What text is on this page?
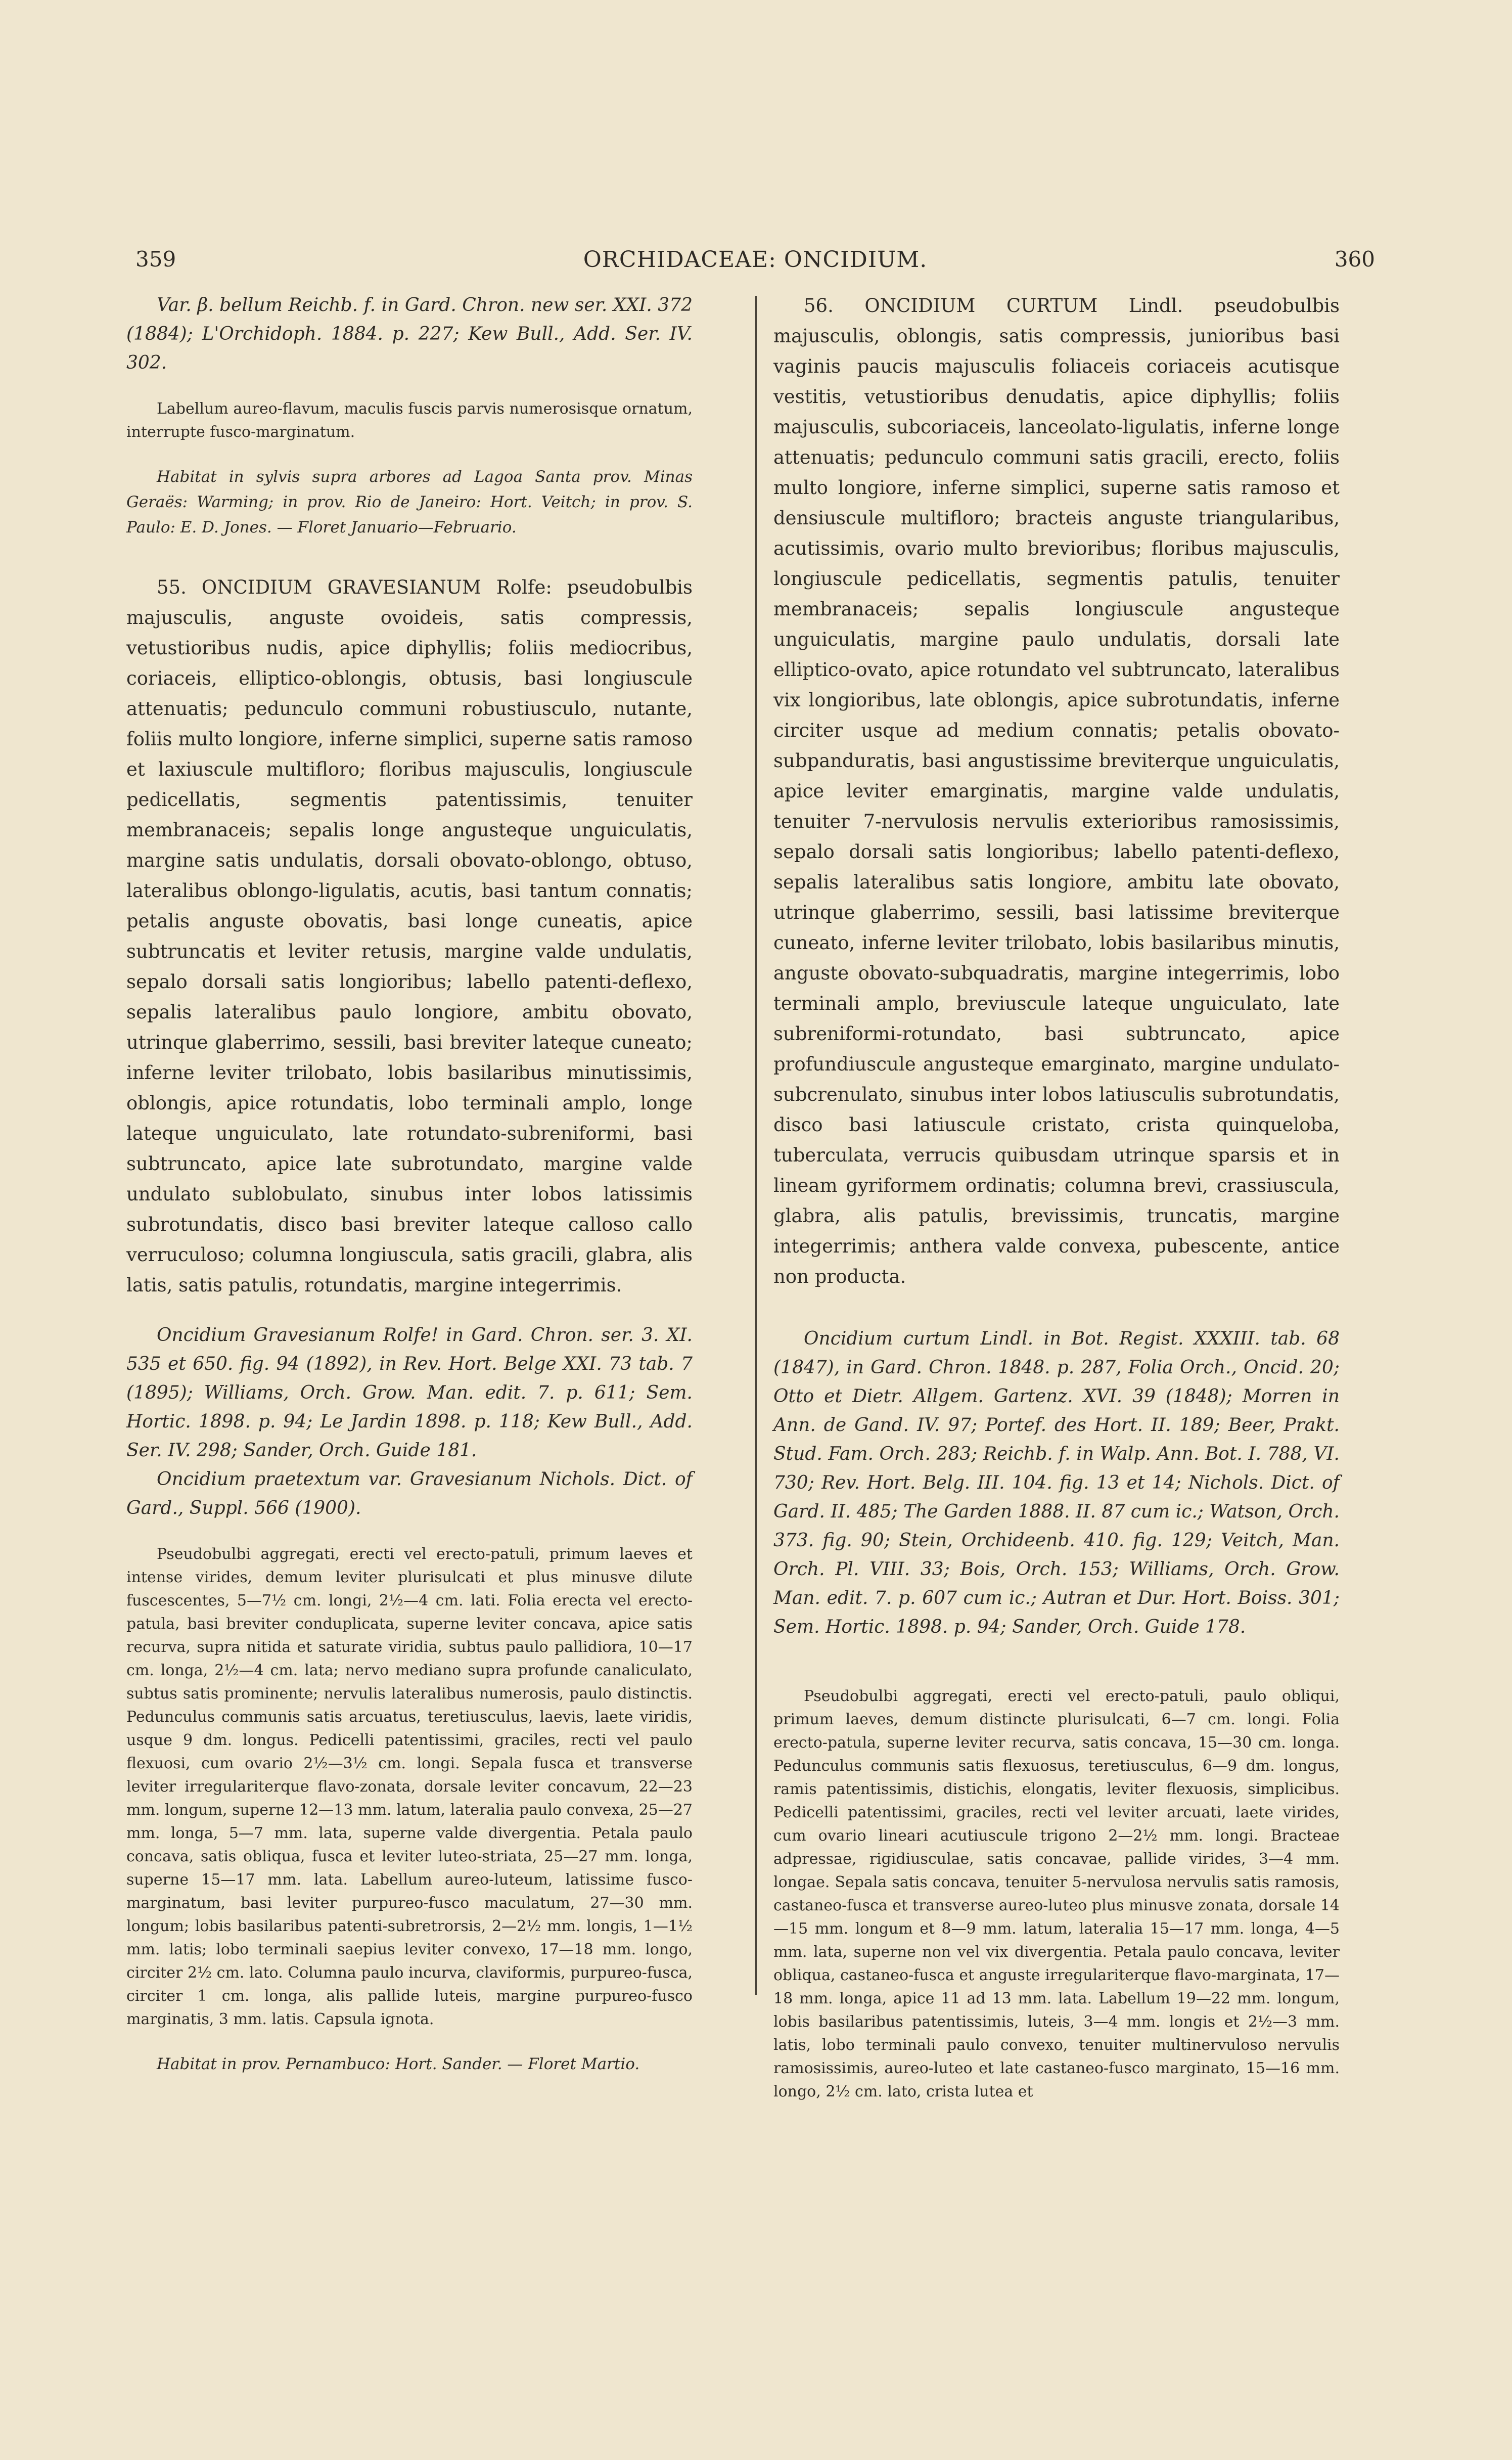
359	ORCHIDACEAE: ONCIDIUM.	360

Var. β. bellum Reichb. f. in Gard. Chron. new ser. XXI. 372 (1884); L'Orchidoph. 1884. p. 227; Kew Bull., Add. Ser. IV. 302.

Labellum aureo-flavum, maculis fuscis parvis numerosisque ornatum, interrupte fusco-marginatum.

Habitat in sylvis supra arbores ad Lagoa Santa prov. Minas Geraës: Warming; in prov. Rio de Janeiro: Hort. Veitch; in prov. S. Paulo: E. D. Jones. — Floret Januario—Februario.

55. ONCIDIUM GRAVESIANUM Rolfe: pseudobulbis majusculis, anguste ovoideis, satis compressis, vetustioribus nudis, apice diphyllis; foliis mediocribus, coriaceis, elliptico-oblongis, obtusis, basi longiuscule attenuatis; pedunculo communi robustiusculo, nutante, foliis multo longiore, inferne simplici, superne satis ramoso et laxiuscule multifloro; floribus majusculis, longiuscule pedicellatis, segmentis patentissimis, tenuiter membranaceis; sepalis longe angusteque unguiculatis, margine satis undulatis, dorsali obovato-oblongo, obtuso, lateralibus oblongo-ligulatis, acutis, basi tantum connatis; petalis anguste obovatis, basi longe cuneatis, apice subtruncatis et leviter retusis, margine valde undulatis, sepalo dorsali satis longioribus; labello patenti-deflexo, sepalis lateralibus paulo longiore, ambitu obovato, utrinque glaberrimo, sessili, basi breviter lateque cuneato; inferne leviter trilobato, lobis basilaribus minutissimis, oblongis, apice rotundatis, lobo terminali amplo, longe lateque unguiculato, late rotundato-subreniformi, basi subtruncato, apice late subrotundato, margine valde undulato sublobulato, sinubus inter lobos latissimis subrotundatis, disco basi breviter lateque calloso callo verruculoso; columna longiuscula, satis gracili, glabra, alis latis, satis patulis, rotundatis, margine integerrimis.

Oncidium Gravesianum Rolfe! in Gard. Chron. ser. 3. XI. 535 et 650. fig. 94 (1892), in Rev. Hort. Belge XXI. 73 tab. 7 (1895); Williams, Orch. Grow. Man. edit. 7. p. 611; Sem. Hortic. 1898. p. 94; Le Jardin 1898. p. 118; Kew Bull., Add. Ser. IV. 298; Sander, Orch. Guide 181.

Oncidium praetextum var. Gravesianum Nichols. Dict. of Gard., Suppl. 566 (1900).

Pseudobulbi aggregati, erecti vel erecto-patuli, primum laeves et intense virides, demum leviter plurisulcati et plus minusve dilute fuscescentes, 5—7½ cm. longi, 2½—4 cm. lati. Folia erecta vel erecto-patula, basi breviter conduplicata, superne leviter concava, apice satis recurva, supra nitida et saturate viridia, subtus paulo pallidiora, 10—17 cm. longa, 2½—4 cm. lata; nervo mediano supra profunde canaliculato, subtus satis prominente; nervulis lateralibus numerosis, paulo distinctis. Pedunculus communis satis arcuatus, teretiusculus, laevis, laete viridis, usque 9 dm. longus. Pedicelli patentissimi, graciles, recti vel paulo flexuosi, cum ovario 2½—3½ cm. longi. Sepala fusca et transverse leviter irregulariterque flavo-zonata, dorsale leviter concavum, 22—23 mm. longum, superne 12—13 mm. latum, lateralia paulo convexa, 25—27 mm. longa, 5—7 mm. lata, superne valde divergentia. Petala paulo concava, satis obliqua, fusca et leviter luteo-striata, 25—27 mm. longa, superne 15—17 mm. lata. Labellum aureo-luteum, latissime fusco-marginatum, basi leviter purpureo-fusco maculatum, 27—30 mm. longum; lobis basilaribus patenti-subretrorsis, 2—2½ mm. longis, 1—1½ mm. latis; lobo terminali saepius leviter convexo, 17—18 mm. longo, circiter 2½ cm. lato. Columna paulo incurva, claviformis, purpureo-fusca, circiter 1 cm. longa, alis pallide luteis, margine purpureo-fusco marginatis, 3 mm. latis. Capsula ignota.

Habitat in prov. Pernambuco: Hort. Sander. — Floret Martio.

56. ONCIDIUM CURTUM Lindl. pseudobulbis majusculis, oblongis, satis compressis, junioribus basi vaginis paucis majusculis foliaceis coriaceis acutisque vestitis, vetustioribus denudatis, apice diphyllis; foliis majusculis, subcoriaceis, lanceolato-ligulatis, inferne longe attenuatis; pedunculo communi satis gracili, erecto, foliis multo longiore, inferne simplici, superne satis ramoso et densiuscule multifloro; bracteis anguste triangularibus, acutissimis, ovario multo brevioribus; floribus majusculis, longiuscule pedicellatis, segmentis patulis, tenuiter membranaceis; sepalis longiuscule angusteque unguiculatis, margine paulo undulatis, dorsali late elliptico-ovato, apice rotundato vel subtruncato, lateralibus vix longioribus, late oblongis, apice subrotundatis, inferne circiter usque ad medium connatis; petalis obovato-subpanduratis, basi angustissime breviterque unguiculatis, apice leviter emarginatis, margine valde undulatis, tenuiter 7-nervulosis nervulis exterioribus ramosissimis, sepalo dorsali satis longioribus; labello patenti-deflexo, sepalis lateralibus satis longiore, ambitu late obovato, utrinque glaberrimo, sessili, basi latissime breviterque cuneato, inferne leviter trilobato, lobis basilaribus minutis, anguste obovato-subquadratis, margine integerrimis, lobo terminali amplo, breviuscule lateque unguiculato, late subreniformi-rotundato, basi subtruncato, apice profundiuscule angusteque emarginato, margine undulato-subcrenulato, sinubus inter lobos latiusculis subrotundatis, disco basi latiuscule cristato, crista quinqueloba, tuberculata, verrucis quibusdam utrinque sparsis et in lineam gyriformem ordinatis; columna brevi, crassiuscula, glabra, alis patulis, brevissimis, truncatis, margine integerrimis; anthera valde convexa, pubescente, antice non producta.

Oncidium curtum Lindl. in Bot. Regist. XXXIII. tab. 68 (1847), in Gard. Chron. 1848. p. 287, Folia Orch., Oncid. 20; Otto et Dietr. Allgem. Gartenz. XVI. 39 (1848); Morren in Ann. de Gand. IV. 97; Portef. des Hort. II. 189; Beer, Prakt. Stud. Fam. Orch. 283; Reichb. f. in Walp. Ann. Bot. I. 788, VI. 730; Rev. Hort. Belg. III. 104. fig. 13 et 14; Nichols. Dict. of Gard. II. 485; The Garden 1888. II. 87 cum ic.; Watson, Orch. 373. fig. 90; Stein, Orchideenb. 410. fig. 129; Veitch, Man. Orch. Pl. VIII. 33; Bois, Orch. 153; Williams, Orch. Grow. Man. edit. 7. p. 607 cum ic.; Autran et Dur. Hort. Boiss. 301; Sem. Hortic. 1898. p. 94; Sander, Orch. Guide 178.

Pseudobulbi aggregati, erecti vel erecto-patuli, paulo obliqui, primum laeves, demum distincte plurisulcati, 6—7 cm. longi. Folia erecto-patula, superne leviter recurva, satis concava, 15—30 cm. longa. Pedunculus communis satis flexuosus, teretiusculus, 6—9 dm. longus, ramis patentissimis, distichis, elongatis, leviter flexuosis, simplicibus. Pedicelli patentissimi, graciles, recti vel leviter arcuati, laete virides, cum ovario lineari acutiuscule trigono 2—2½ mm. longi. Bracteae adpressae, rigidiusculae, satis concavae, pallide virides, 3—4 mm. longae. Sepala satis concava, tenuiter 5-nervulosa nervulis satis ramosis, castaneo-fusca et transverse aureo-luteo plus minusve zonata, dorsale 14—15 mm. longum et 8—9 mm. latum, lateralia 15—17 mm. longa, 4—5 mm. lata, superne non vel vix divergentia. Petala paulo concava, leviter obliqua, castaneo-fusca et anguste irregulariterque flavo-marginata, 17—18 mm. longa, apice 11 ad 13 mm. lata. Labellum 19—22 mm. longum, lobis basilaribus patentissimis, luteis, 3—4 mm. longis et 2½—3 mm. latis, lobo terminali paulo convexo, tenuiter multinervuloso nervulis ramosissimis, aureo-luteo et late castaneo-fusco marginato, 15—16 mm. longo, 2½ cm. lato, crista lutea et
